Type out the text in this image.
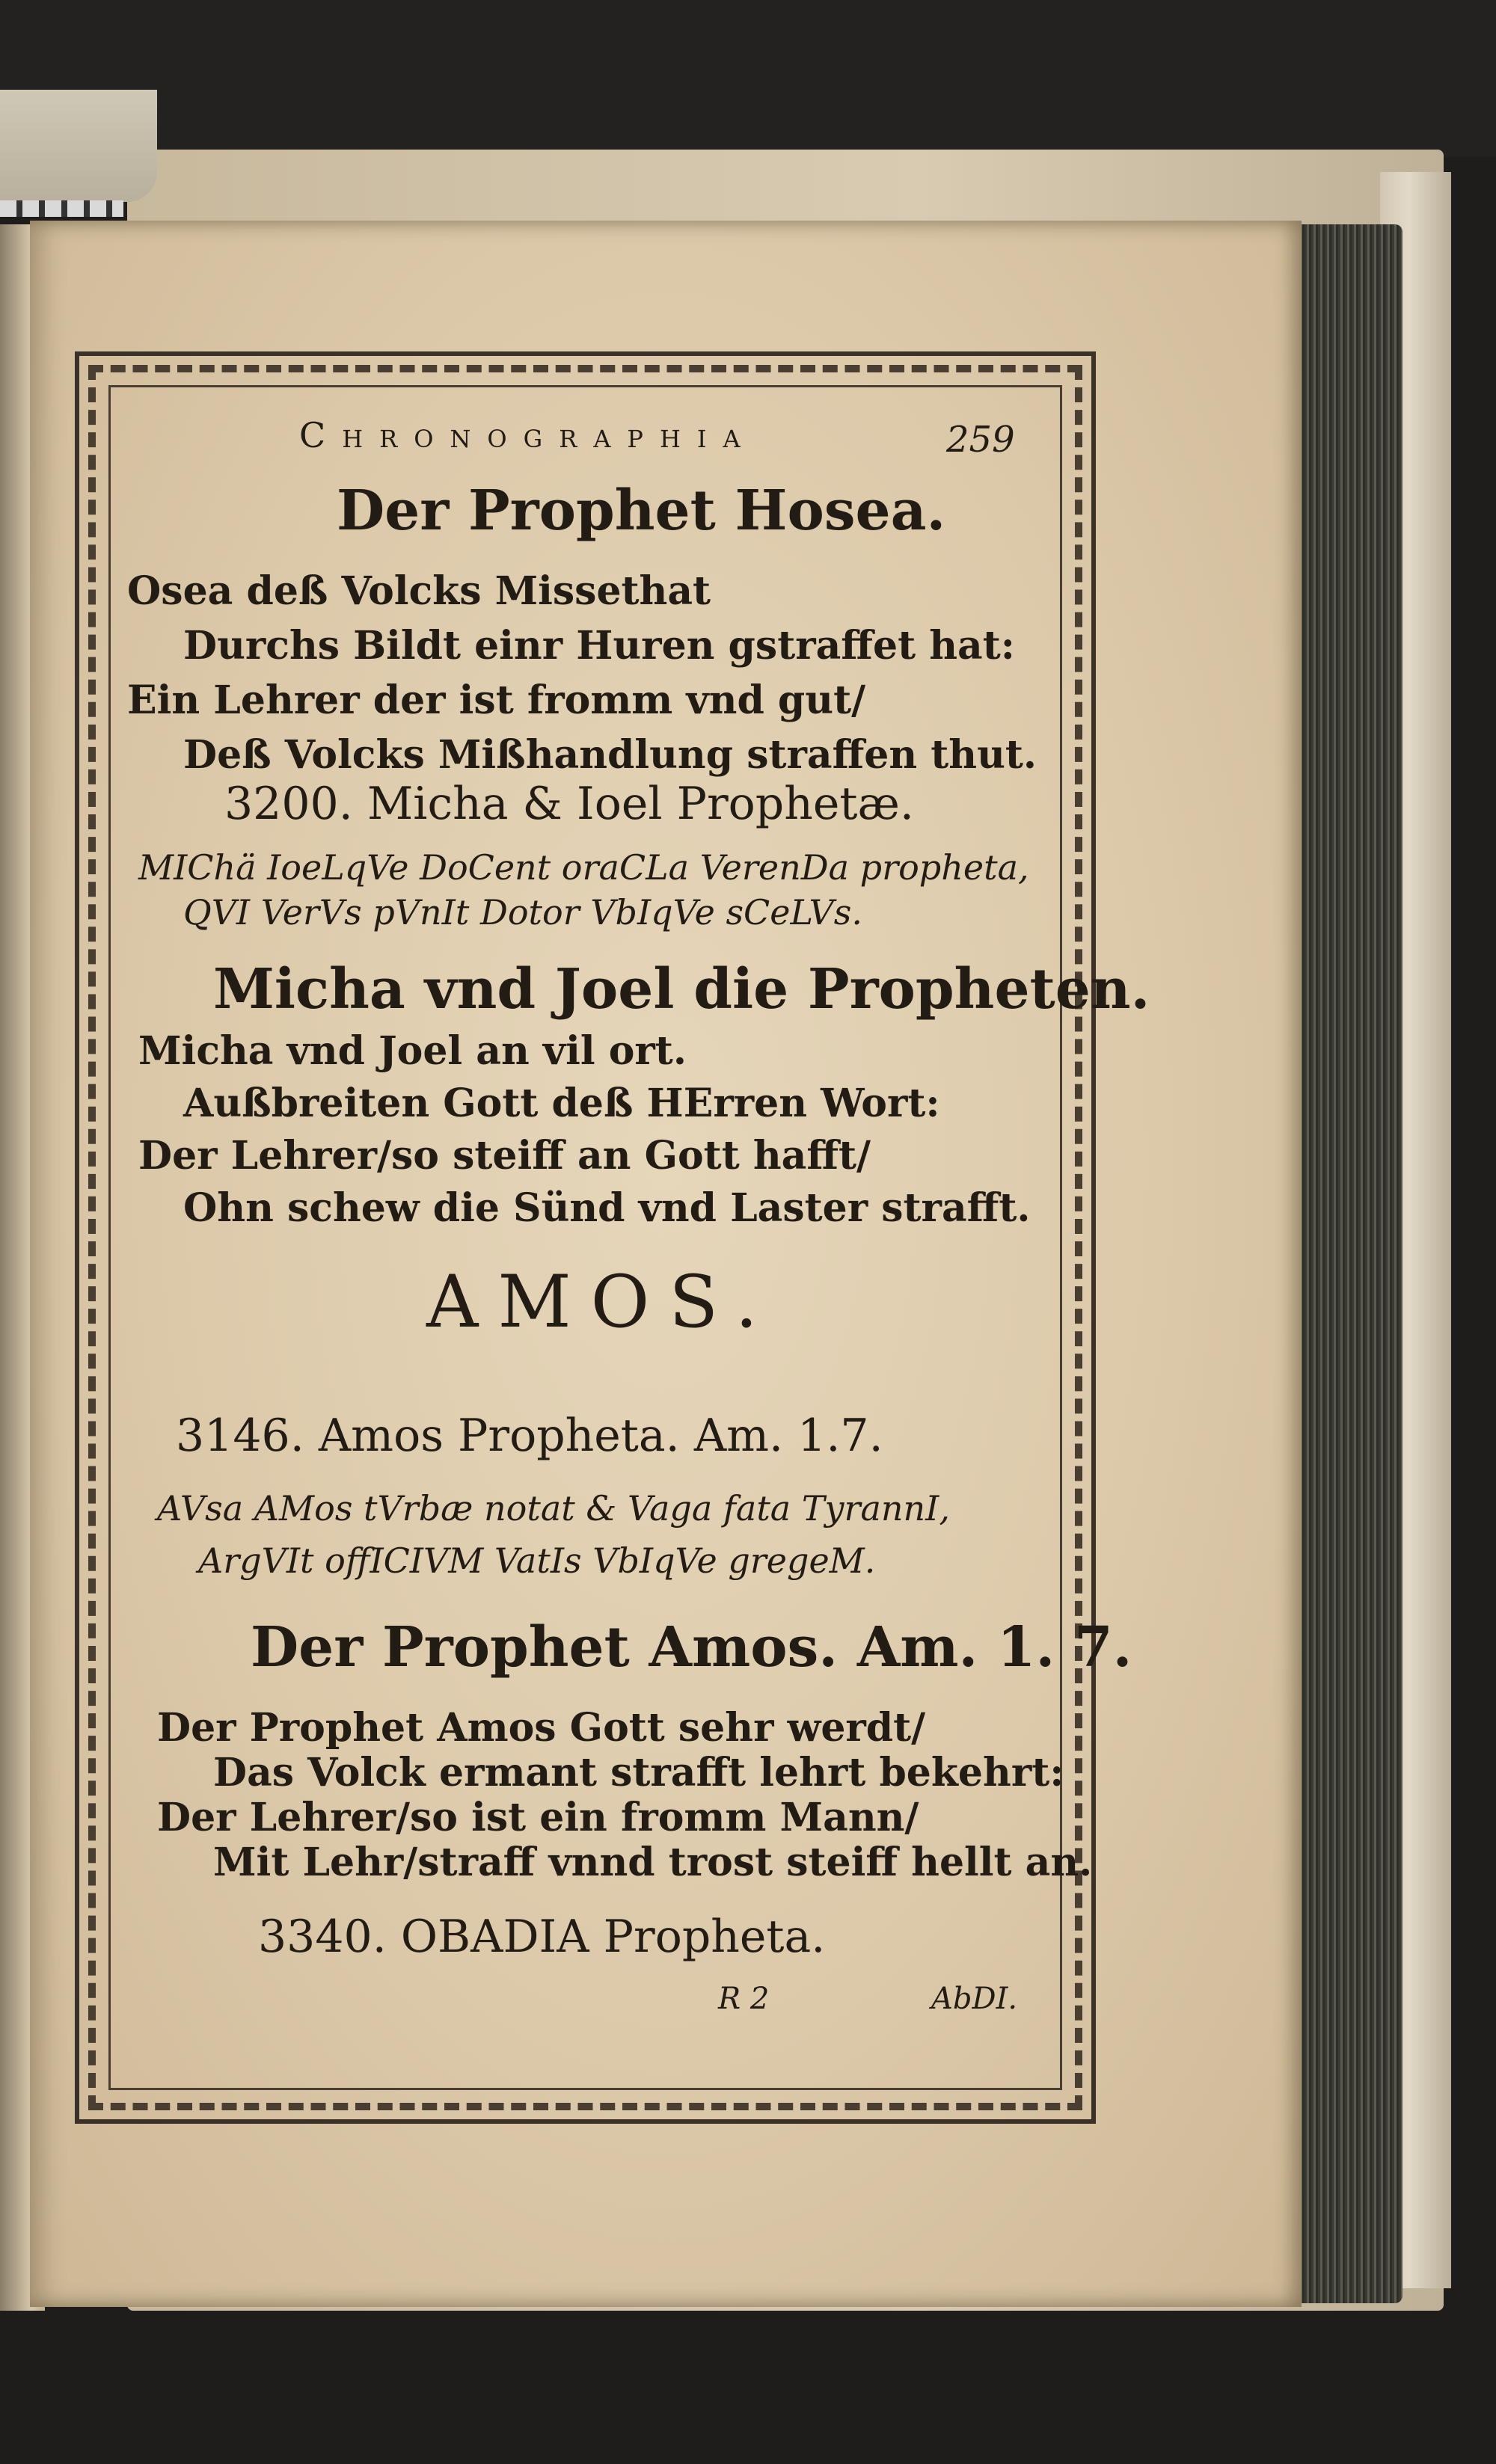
Chronographia	259
Der Prophet Hosea.
Osea deß Volcks Missethat
Durchs Bildt einr Huren gstraffet hat:
Ein Lehrer der ist fromm vnd gut/
Deß Volcks Mißhandlung straffen thut.
3200. Micha & Ioel Prophetæ.
MIChä IoeLqVe DoCent oraCLa VerenDa propheta,
QVI VerVs pVnIt Dotor VbIqVe sCeLVs.
Micha vnd Joel die Propheten.
Micha vnd Joel an vil ort.
Außbreiten Gott deß HErren Wort:
Der Lehrer/so steiff an Gott hafft/
Ohn schew die Sünd vnd Laster strafft.
AMOS.
3146. Amos Propheta. Am. 1.7.
AVsa AMos tVrbæ notat & Vaga fata TyrannI,
ArgVIt offICIVM VatIs VbIqVe gregeM.
Der Prophet Amos. Am. 1. 7.
Der Prophet Amos Gott sehr werdt/
Das Volck ermant strafft lehrt bekehrt:
Der Lehrer/so ist ein fromm Mann/
Mit Lehr/straff vnnd trost steiff hellt an.
3340. OBADIA Propheta.
R 2	AbDI.
